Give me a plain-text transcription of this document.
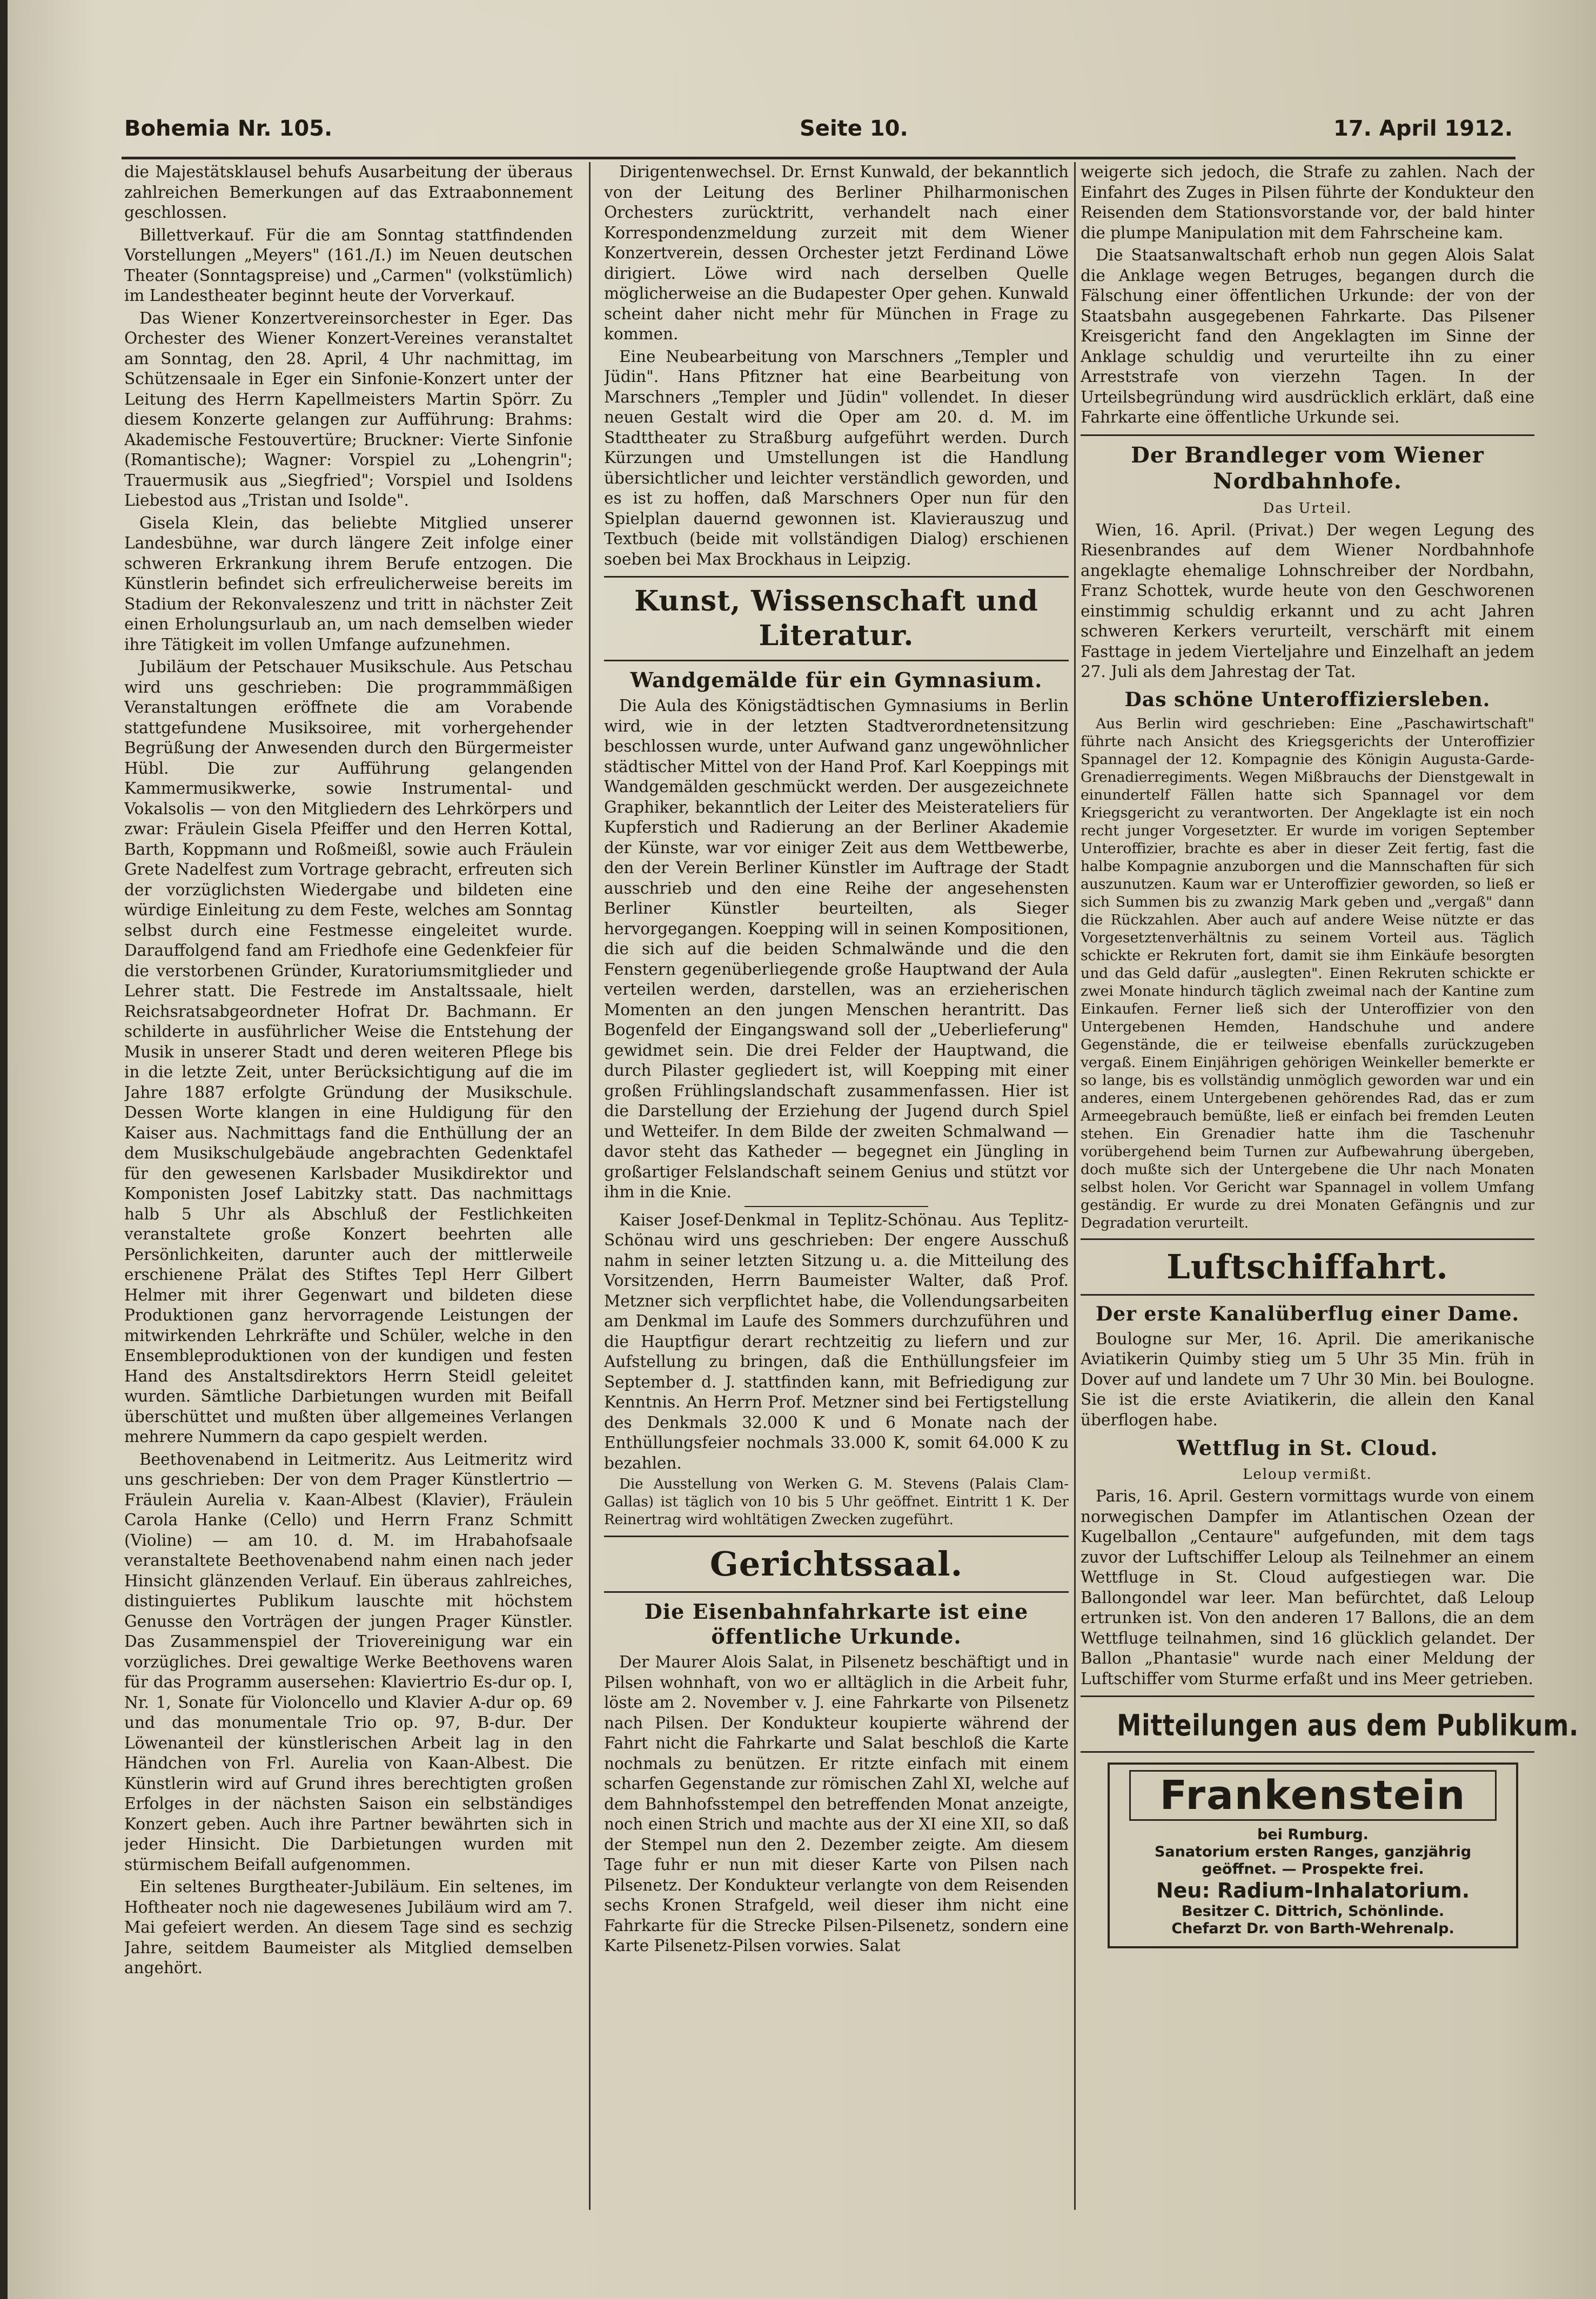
Bohemia Nr. 105.	Seite 10.	17. April 1912.

die Majestätsklausel behufs Ausarbeitung der überaus zahlreichen Bemerkungen auf das Extraabonnement geschlossen.

Billettverkauf. Für die am Sonntag stattfindenden Vorstellungen „Meyers" (161./I.) im Neuen deutschen Theater (Sonntagspreise) und „Carmen" (volkstümlich) im Landestheater beginnt heute der Vorverkauf.

Das Wiener Konzertvereinsorchester in Eger. Das Orchester des Wiener Konzert-Vereines veranstaltet am Sonntag, den 28. April, 4 Uhr nachmittag, im Schützensaale in Eger ein Sinfonie-Konzert unter der Leitung des Herrn Kapellmeisters Martin Spörr. Zu diesem Konzerte gelangen zur Aufführung: Brahms: Akademische Festouvertüre; Bruckner: Vierte Sinfonie (Romantische); Wagner: Vorspiel zu „Lohengrin"; Trauermusik aus „Siegfried"; Vorspiel und Isoldens Liebestod aus „Tristan und Isolde".

Gisela Klein, das beliebte Mitglied unserer Landesbühne, war durch längere Zeit infolge einer schweren Erkrankung ihrem Berufe entzogen. Die Künstlerin befindet sich erfreulicherweise bereits im Stadium der Rekonvaleszenz und tritt in nächster Zeit einen Erholungsurlaub an, um nach demselben wieder ihre Tätigkeit im vollen Umfange aufzunehmen.

Jubiläum der Petschauer Musikschule. Aus Petschau wird uns geschrieben: Die programmmäßigen Veranstaltungen eröffnete die am Vorabende stattgefundene Musiksoiree, mit vorhergehender Begrüßung der Anwesenden durch den Bürgermeister Hübl. Die zur Aufführung gelangenden Kammermusikwerke, sowie Instrumental- und Vokalsolis — von den Mitgliedern des Lehrkörpers und zwar: Fräulein Gisela Pfeiffer und den Herren Kottal, Barth, Koppmann und Roßmeißl, sowie auch Fräulein Grete Nadelfest zum Vortrage gebracht, erfreuten sich der vorzüglichsten Wiedergabe und bildeten eine würdige Einleitung zu dem Feste, welches am Sonntag selbst durch eine Festmesse eingeleitet wurde. Darauffolgend fand am Friedhofe eine Gedenkfeier für die verstorbenen Gründer, Kuratoriumsmitglieder und Lehrer statt. Die Festrede im Anstaltssaale, hielt Reichsratsabgeordneter Hofrat Dr. Bachmann. Er schilderte in ausführlicher Weise die Entstehung der Musik in unserer Stadt und deren weiteren Pflege bis in die letzte Zeit, unter Berücksichtigung auf die im Jahre 1887 erfolgte Gründung der Musikschule. Dessen Worte klangen in eine Huldigung für den Kaiser aus. Nachmittags fand die Enthüllung der an dem Musikschulgebäude angebrachten Gedenktafel für den gewesenen Karlsbader Musikdirektor und Komponisten Josef Labitzky statt. Das nachmittags halb 5 Uhr als Abschluß der Festlichkeiten veranstaltete große Konzert beehrten alle Persönlichkeiten, darunter auch der mittlerweile erschienene Prälat des Stiftes Tepl Herr Gilbert Helmer mit ihrer Gegenwart und bildeten diese Produktionen ganz hervorragende Leistungen der mitwirkenden Lehrkräfte und Schüler, welche in den Ensembleproduktionen von der kundigen und festen Hand des Anstaltsdirektors Herrn Steidl geleitet wurden. Sämtliche Darbietungen wurden mit Beifall überschüttet und mußten über allgemeines Verlangen mehrere Nummern da capo gespielt werden.

Beethovenabend in Leitmeritz. Aus Leitmeritz wird uns geschrieben: Der von dem Prager Künstlertrio — Fräulein Aurelia v. Kaan-Albest (Klavier), Fräulein Carola Hanke (Cello) und Herrn Franz Schmitt (Violine) — am 10. d. M. im Hrabahofsaale veranstaltete Beethovenabend nahm einen nach jeder Hinsicht glänzenden Verlauf. Ein überaus zahlreiches, distinguiertes Publikum lauschte mit höchstem Genusse den Vorträgen der jungen Prager Künstler. Das Zusammenspiel der Triovereinigung war ein vorzügliches. Drei gewaltige Werke Beethovens waren für das Programm ausersehen: Klaviertrio Es-dur op. I, Nr. 1, Sonate für Violoncello und Klavier A-dur op. 69 und das monumentale Trio op. 97, B-dur. Der Löwenanteil der künstlerischen Arbeit lag in den Händchen von Frl. Aurelia von Kaan-Albest. Die Künstlerin wird auf Grund ihres berechtigten großen Erfolges in der nächsten Saison ein selbständiges Konzert geben. Auch ihre Partner bewährten sich in jeder Hinsicht. Die Darbietungen wurden mit stürmischem Beifall aufgenommen.

Ein seltenes Burgtheater-Jubiläum. Ein seltenes, im Hoftheater noch nie dagewesenes Jubiläum wird am 7. Mai gefeiert werden. An diesem Tage sind es sechzig Jahre, seitdem Baumeister als Mitglied demselben angehört.

Dirigentenwechsel. Dr. Ernst Kunwald, der bekanntlich von der Leitung des Berliner Philharmonischen Orchesters zurücktritt, verhandelt nach einer Korrespondenzmeldung zurzeit mit dem Wiener Konzertverein, dessen Orchester jetzt Ferdinand Löwe dirigiert. Löwe wird nach derselben Quelle möglicherweise an die Budapester Oper gehen. Kunwald scheint daher nicht mehr für München in Frage zu kommen.

Eine Neubearbeitung von Marschners „Templer und Jüdin". Hans Pfitzner hat eine Bearbeitung von Marschners „Templer und Jüdin" vollendet. In dieser neuen Gestalt wird die Oper am 20. d. M. im Stadttheater zu Straßburg aufgeführt werden. Durch Kürzungen und Umstellungen ist die Handlung übersichtlicher und leichter verständlich geworden, und es ist zu hoffen, daß Marschners Oper nun für den Spielplan dauernd gewonnen ist. Klavierauszug und Textbuch (beide mit vollständigen Dialog) erschienen soeben bei Max Brockhaus in Leipzig.

Kunst, Wissenschaft und Literatur.
Wandgemälde für ein Gymnasium.

Die Aula des Königstädtischen Gymnasiums in Berlin wird, wie in der letzten Stadtverordnetensitzung beschlossen wurde, unter Aufwand ganz ungewöhnlicher städtischer Mittel von der Hand Prof. Karl Koeppings mit Wandgemälden geschmückt werden. Der ausgezeichnete Graphiker, bekanntlich der Leiter des Meisterateliers für Kupferstich und Radierung an der Berliner Akademie der Künste, war vor einiger Zeit aus dem Wettbewerbe, den der Verein Berliner Künstler im Auftrage der Stadt ausschrieb und den eine Reihe der angesehensten Berliner Künstler beurteilten, als Sieger hervorgegangen. Koepping will in seinen Kompositionen, die sich auf die beiden Schmalwände und die den Fenstern gegenüberliegende große Hauptwand der Aula verteilen werden, darstellen, was an erzieherischen Momenten an den jungen Menschen herantritt. Das Bogenfeld der Eingangswand soll der „Ueberlieferung" gewidmet sein. Die drei Felder der Hauptwand, die durch Pilaster gegliedert ist, will Koepping mit einer großen Frühlingslandschaft zusammenfassen. Hier ist die Darstellung der Erziehung der Jugend durch Spiel und Wetteifer. In dem Bilde der zweiten Schmalwand — davor steht das Katheder — begegnet ein Jüngling in großartiger Felslandschaft seinem Genius und stützt vor ihm in die Knie.

Kaiser Josef-Denkmal in Teplitz-Schönau. Aus Teplitz-Schönau wird uns geschrieben: Der engere Ausschuß nahm in seiner letzten Sitzung u. a. die Mitteilung des Vorsitzenden, Herrn Baumeister Walter, daß Prof. Metzner sich verpflichtet habe, die Vollendungsarbeiten am Denkmal im Laufe des Sommers durchzuführen und die Hauptfigur derart rechtzeitig zu liefern und zur Aufstellung zu bringen, daß die Enthüllungsfeier im September d. J. stattfinden kann, mit Befriedigung zur Kenntnis. An Herrn Prof. Metzner sind bei Fertigstellung des Denkmals 32.000 K und 6 Monate nach der Enthüllungsfeier nochmals 33.000 K, somit 64.000 K zu bezahlen.

Die Ausstellung von Werken G. M. Stevens (Palais Clam-Gallas) ist täglich von 10 bis 5 Uhr geöffnet. Eintritt 1 K. Der Reinertrag wird wohltätigen Zwecken zugeführt.

Gerichtssaal.
Die Eisenbahnfahrkarte ist eine öffentliche Urkunde.

Der Maurer Alois Salat, in Pilsenetz beschäftigt und in Pilsen wohnhaft, von wo er alltäglich in die Arbeit fuhr, löste am 2. November v. J. eine Fahrkarte von Pilsenetz nach Pilsen. Der Kondukteur koupierte während der Fahrt nicht die Fahrkarte und Salat beschloß die Karte nochmals zu benützen. Er ritzte einfach mit einem scharfen Gegenstande zur römischen Zahl XI, welche auf dem Bahnhofsstempel den betreffenden Monat anzeigte, noch einen Strich und machte aus der XI eine XII, so daß der Stempel nun den 2. Dezember zeigte. Am diesem Tage fuhr er nun mit dieser Karte von Pilsen nach Pilsenetz. Der Kondukteur verlangte von dem Reisenden sechs Kronen Strafgeld, weil dieser ihm nicht eine Fahrkarte für die Strecke Pilsen-Pilsenetz, sondern eine Karte Pilsenetz-Pilsen vorwies. Salat

weigerte sich jedoch, die Strafe zu zahlen. Nach der Einfahrt des Zuges in Pilsen führte der Kondukteur den Reisenden dem Stationsvorstande vor, der bald hinter die plumpe Manipulation mit dem Fahrscheine kam.

Die Staatsanwaltschaft erhob nun gegen Alois Salat die Anklage wegen Betruges, begangen durch die Fälschung einer öffentlichen Urkunde: der von der Staatsbahn ausgegebenen Fahrkarte. Das Pilsener Kreisgericht fand den Angeklagten im Sinne der Anklage schuldig und verurteilte ihn zu einer Arreststrafe von vierzehn Tagen. In der Urteilsbegründung wird ausdrücklich erklärt, daß eine Fahrkarte eine öffentliche Urkunde sei.

Der Brandleger vom Wiener Nordbahnhofe.
Das Urteil.

Wien, 16. April. (Privat.) Der wegen Legung des Riesenbrandes auf dem Wiener Nordbahnhofe angeklagte ehemalige Lohnschreiber der Nordbahn, Franz Schottek, wurde heute von den Geschworenen einstimmig schuldig erkannt und zu acht Jahren schweren Kerkers verurteilt, verschärft mit einem Fasttage in jedem Vierteljahre und Einzelhaft an jedem 27. Juli als dem Jahrestag der Tat.

Das schöne Unteroffiziersleben.

Aus Berlin wird geschrieben: Eine „Paschawirtschaft" führte nach Ansicht des Kriegsgerichts der Unteroffizier Spannagel der 12. Kompagnie des Königin Augusta-Garde-Grenadierregiments. Wegen Mißbrauchs der Dienstgewalt in einundertelf Fällen hatte sich Spannagel vor dem Kriegsgericht zu verantworten. Der Angeklagte ist ein noch recht junger Vorgesetzter. Er wurde im vorigen September Unteroffizier, brachte es aber in dieser Zeit fertig, fast die halbe Kompagnie anzuborgen und die Mannschaften für sich auszunutzen. Kaum war er Unteroffizier geworden, so ließ er sich Summen bis zu zwanzig Mark geben und „vergaß" dann die Rückzahlen. Aber auch auf andere Weise nützte er das Vorgesetztenverhältnis zu seinem Vorteil aus. Täglich schickte er Rekruten fort, damit sie ihm Einkäufe besorgten und das Geld dafür „auslegten". Einen Rekruten schickte er zwei Monate hindurch täglich zweimal nach der Kantine zum Einkaufen. Ferner ließ sich der Unteroffizier von den Untergebenen Hemden, Handschuhe und andere Gegenstände, die er teilweise ebenfalls zurückzugeben vergaß. Einem Einjährigen gehörigen Weinkeller bemerkte er so lange, bis es vollständig unmöglich geworden war und ein anderes, einem Untergebenen gehörendes Rad, das er zum Armeegebrauch bemüßte, ließ er einfach bei fremden Leuten stehen. Ein Grenadier hatte ihm die Taschenuhr vorübergehend beim Turnen zur Aufbewahrung übergeben, doch mußte sich der Untergebene die Uhr nach Monaten selbst holen. Vor Gericht war Spannagel in vollem Umfang geständig. Er wurde zu drei Monaten Gefängnis und zur Degradation verurteilt.

Luftschiffahrt.
Der erste Kanalüberflug einer Dame.

Boulogne sur Mer, 16. April. Die amerikanische Aviatikerin Quimby stieg um 5 Uhr 35 Min. früh in Dover auf und landete um 7 Uhr 30 Min. bei Boulogne. Sie ist die erste Aviatikerin, die allein den Kanal überflogen habe.

Wettflug in St. Cloud.
Leloup vermißt.

Paris, 16. April. Gestern vormittags wurde von einem norwegischen Dampfer im Atlantischen Ozean der Kugelballon „Centaure" aufgefunden, mit dem tags zuvor der Luftschiffer Leloup als Teilnehmer an einem Wettfluge in St. Cloud aufgestiegen war. Die Ballongondel war leer. Man befürchtet, daß Leloup ertrunken ist. Von den anderen 17 Ballons, die an dem Wettfluge teilnahmen, sind 16 glücklich gelandet. Der Ballon „Phantasie" wurde nach einer Meldung der Luftschiffer vom Sturme erfaßt und ins Meer getrieben.

Mitteilungen aus dem Publikum.
Frankenstein
bei Rumburg.
Sanatorium ersten Ranges, ganzjährig
geöffnet. — Prospekte frei.
Neu: Radium-Inhalatorium.
Besitzer C. Dittrich, Schönlinde.
Chefarzt Dr. von Barth-Wehrenalp.
